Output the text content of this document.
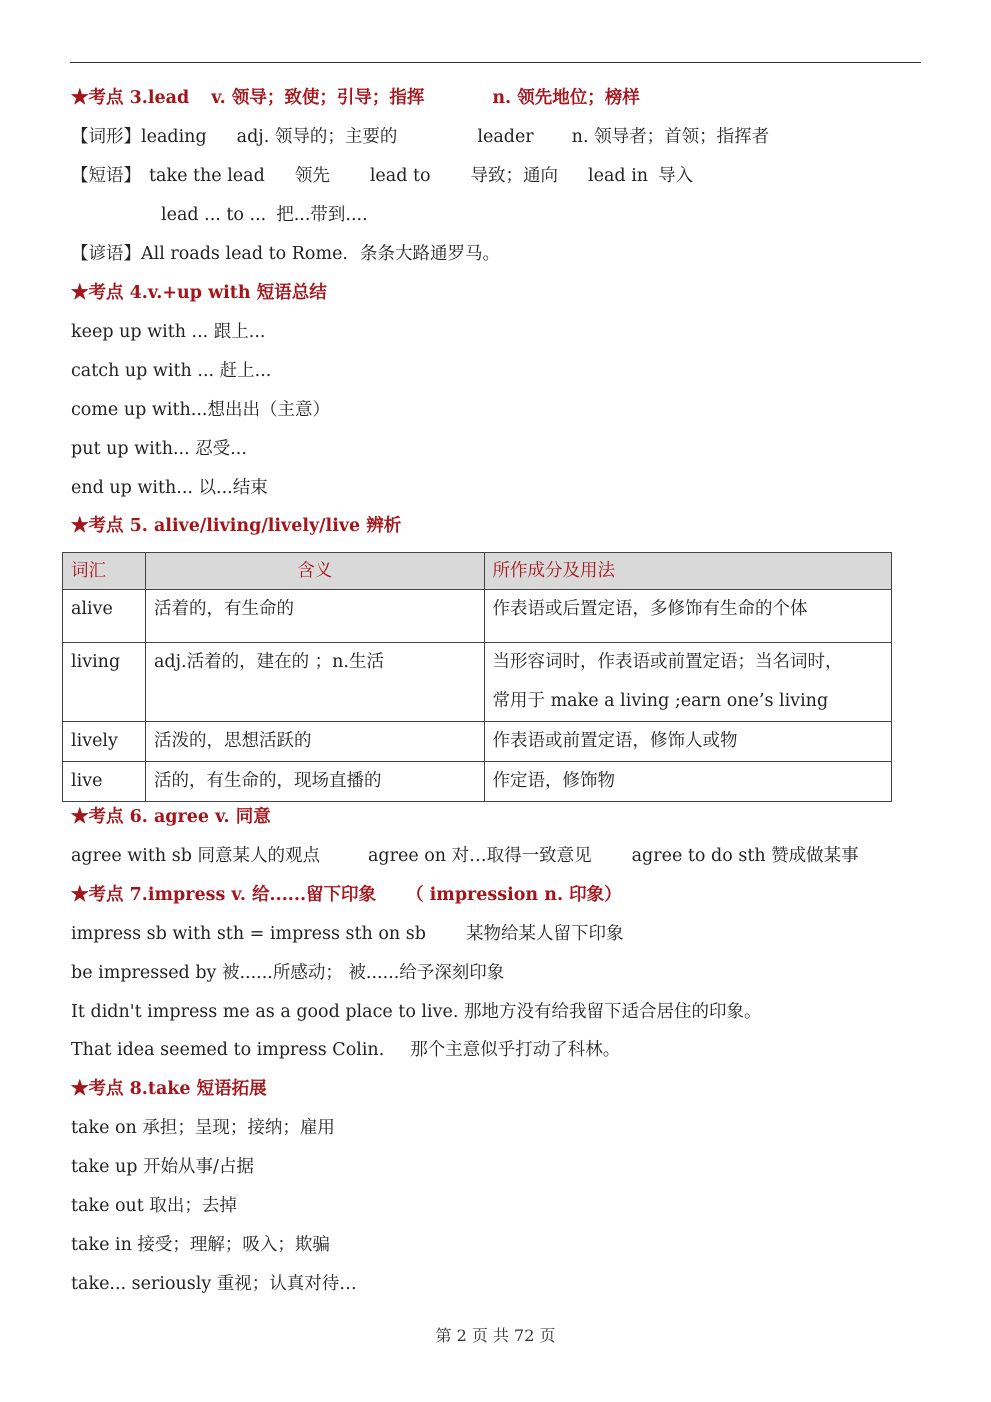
★考点 3.lead v. 领导；致使；引导；指挥	n. 领先地位；榜样
【词形】leading adj. 领导的；主要的	leader n. 领导者；首领；指挥者
【短语】 take the lead 领先 lead to 导致；通向 lead in 导入
lead ... to ... 把...带到....
【谚语】All roads lead to Rome. 条条大路通罗马。
★考点 4.v.+up with 短语总结
keep up with ... 跟上...
catch up with ... 赶上...
come up with...想出出（主意）
put up with... 忍受...
end up with... 以...结束
★考点 5. alive/living/lively/live 辨析
词汇	含义	所作成分及用法
alive	活着的，有生命的	作表语或后置定语，多修饰有生命的个体
living	adj.活着的，建在的 ；n.生活	当形容词时，作表语或前置定语；当名词时，
常用于 make a living ;earn one’s living

lively	活泼的，思想活跃的	作表语或前置定语，修饰人或物
live	活的，有生命的，现场直播的	作定语，修饰物
★考点 6. agree v. 同意
agree with sb 同意某人的观点	agree on 对…取得一致意见 agree to do sth 赞成做某事
★考点 7.impress v. 给......留下印象 （ impression n. 印象）
impress sb with sth = impress sth on sb 某物给某人留下印象
be impressed by 被......所感动； 被......给予深刻印象
It didn't impress me as a good place to live. 那地方没有给我留下适合居住的印象。
That idea seemed to impress Colin. 那个主意似乎打动了科林。
★考点 8.take 短语拓展
take on 承担；呈现；接纳；雇用
take up 开始从事/占据
take out 取出；去掉
take in 接受；理解；吸入；欺骗
take... seriously 重视；认真对待…
第 2 页 共 72 页
